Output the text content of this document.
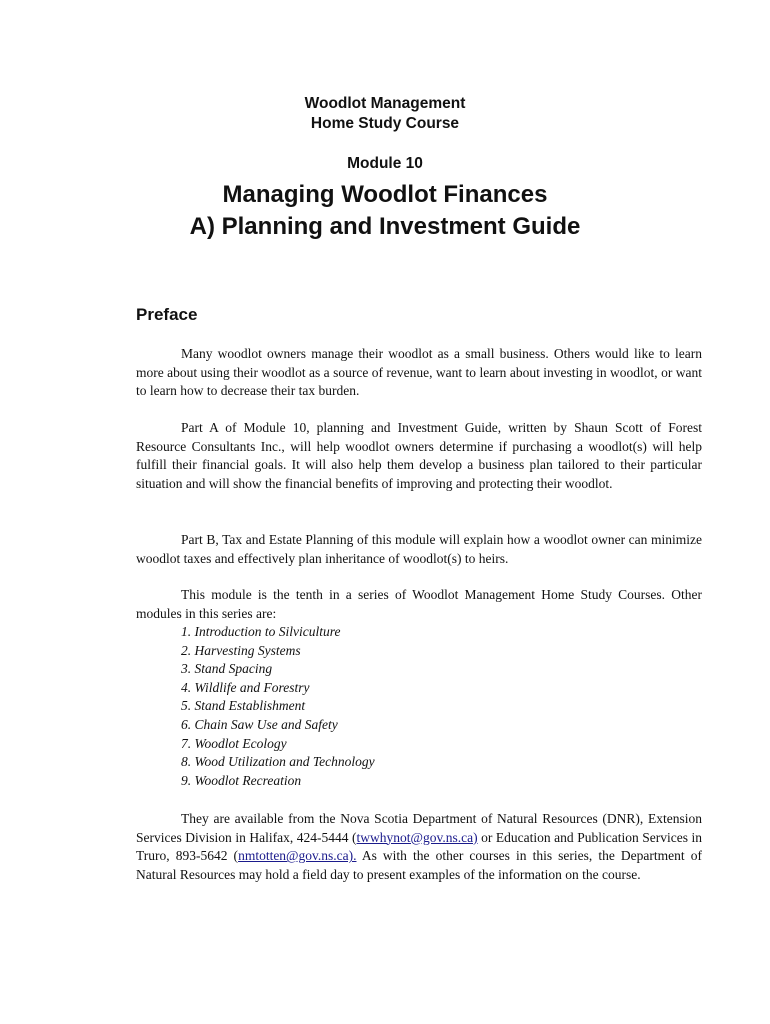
Woodlot Management
Home Study Course
Module 10
Managing Woodlot Finances
A) Planning and Investment Guide
Preface

Many woodlot owners manage their woodlot as a small business. Others would like to learn more about using their woodlot as a source of revenue, want to learn about investing in woodlot, or want to learn how to decrease their tax burden.

Part A of Module 10, planning and Investment Guide, written by Shaun Scott of Forest Resource Consultants Inc., will help woodlot owners determine if purchasing a woodlot(s) will help fulfill their financial goals. It will also help them develop a business plan tailored to their particular situation and will show the financial benefits of improving and protecting their woodlot.

Part B, Tax and Estate Planning of this module will explain how a woodlot owner can minimize woodlot taxes and effectively plan inheritance of woodlot(s) to heirs.

This module is the tenth in a series of Woodlot Management Home Study Courses. Other modules in this series are:

1. Introduction to Silviculture
2. Harvesting Systems
3. Stand Spacing
4. Wildlife and Forestry
5. Stand Establishment
6. Chain Saw Use and Safety
7. Woodlot Ecology
8. Wood Utilization and Technology
9. Woodlot Recreation

They are available from the Nova Scotia Department of Natural Resources (DNR), Extension Services Division in Halifax, 424-5444 (twwhynot@gov.ns.ca) or Education and Publication Services in Truro, 893-5642 (nmtotten@gov.ns.ca). As with the other courses in this series, the Department of Natural Resources may hold a field day to present examples of the information on the course.
